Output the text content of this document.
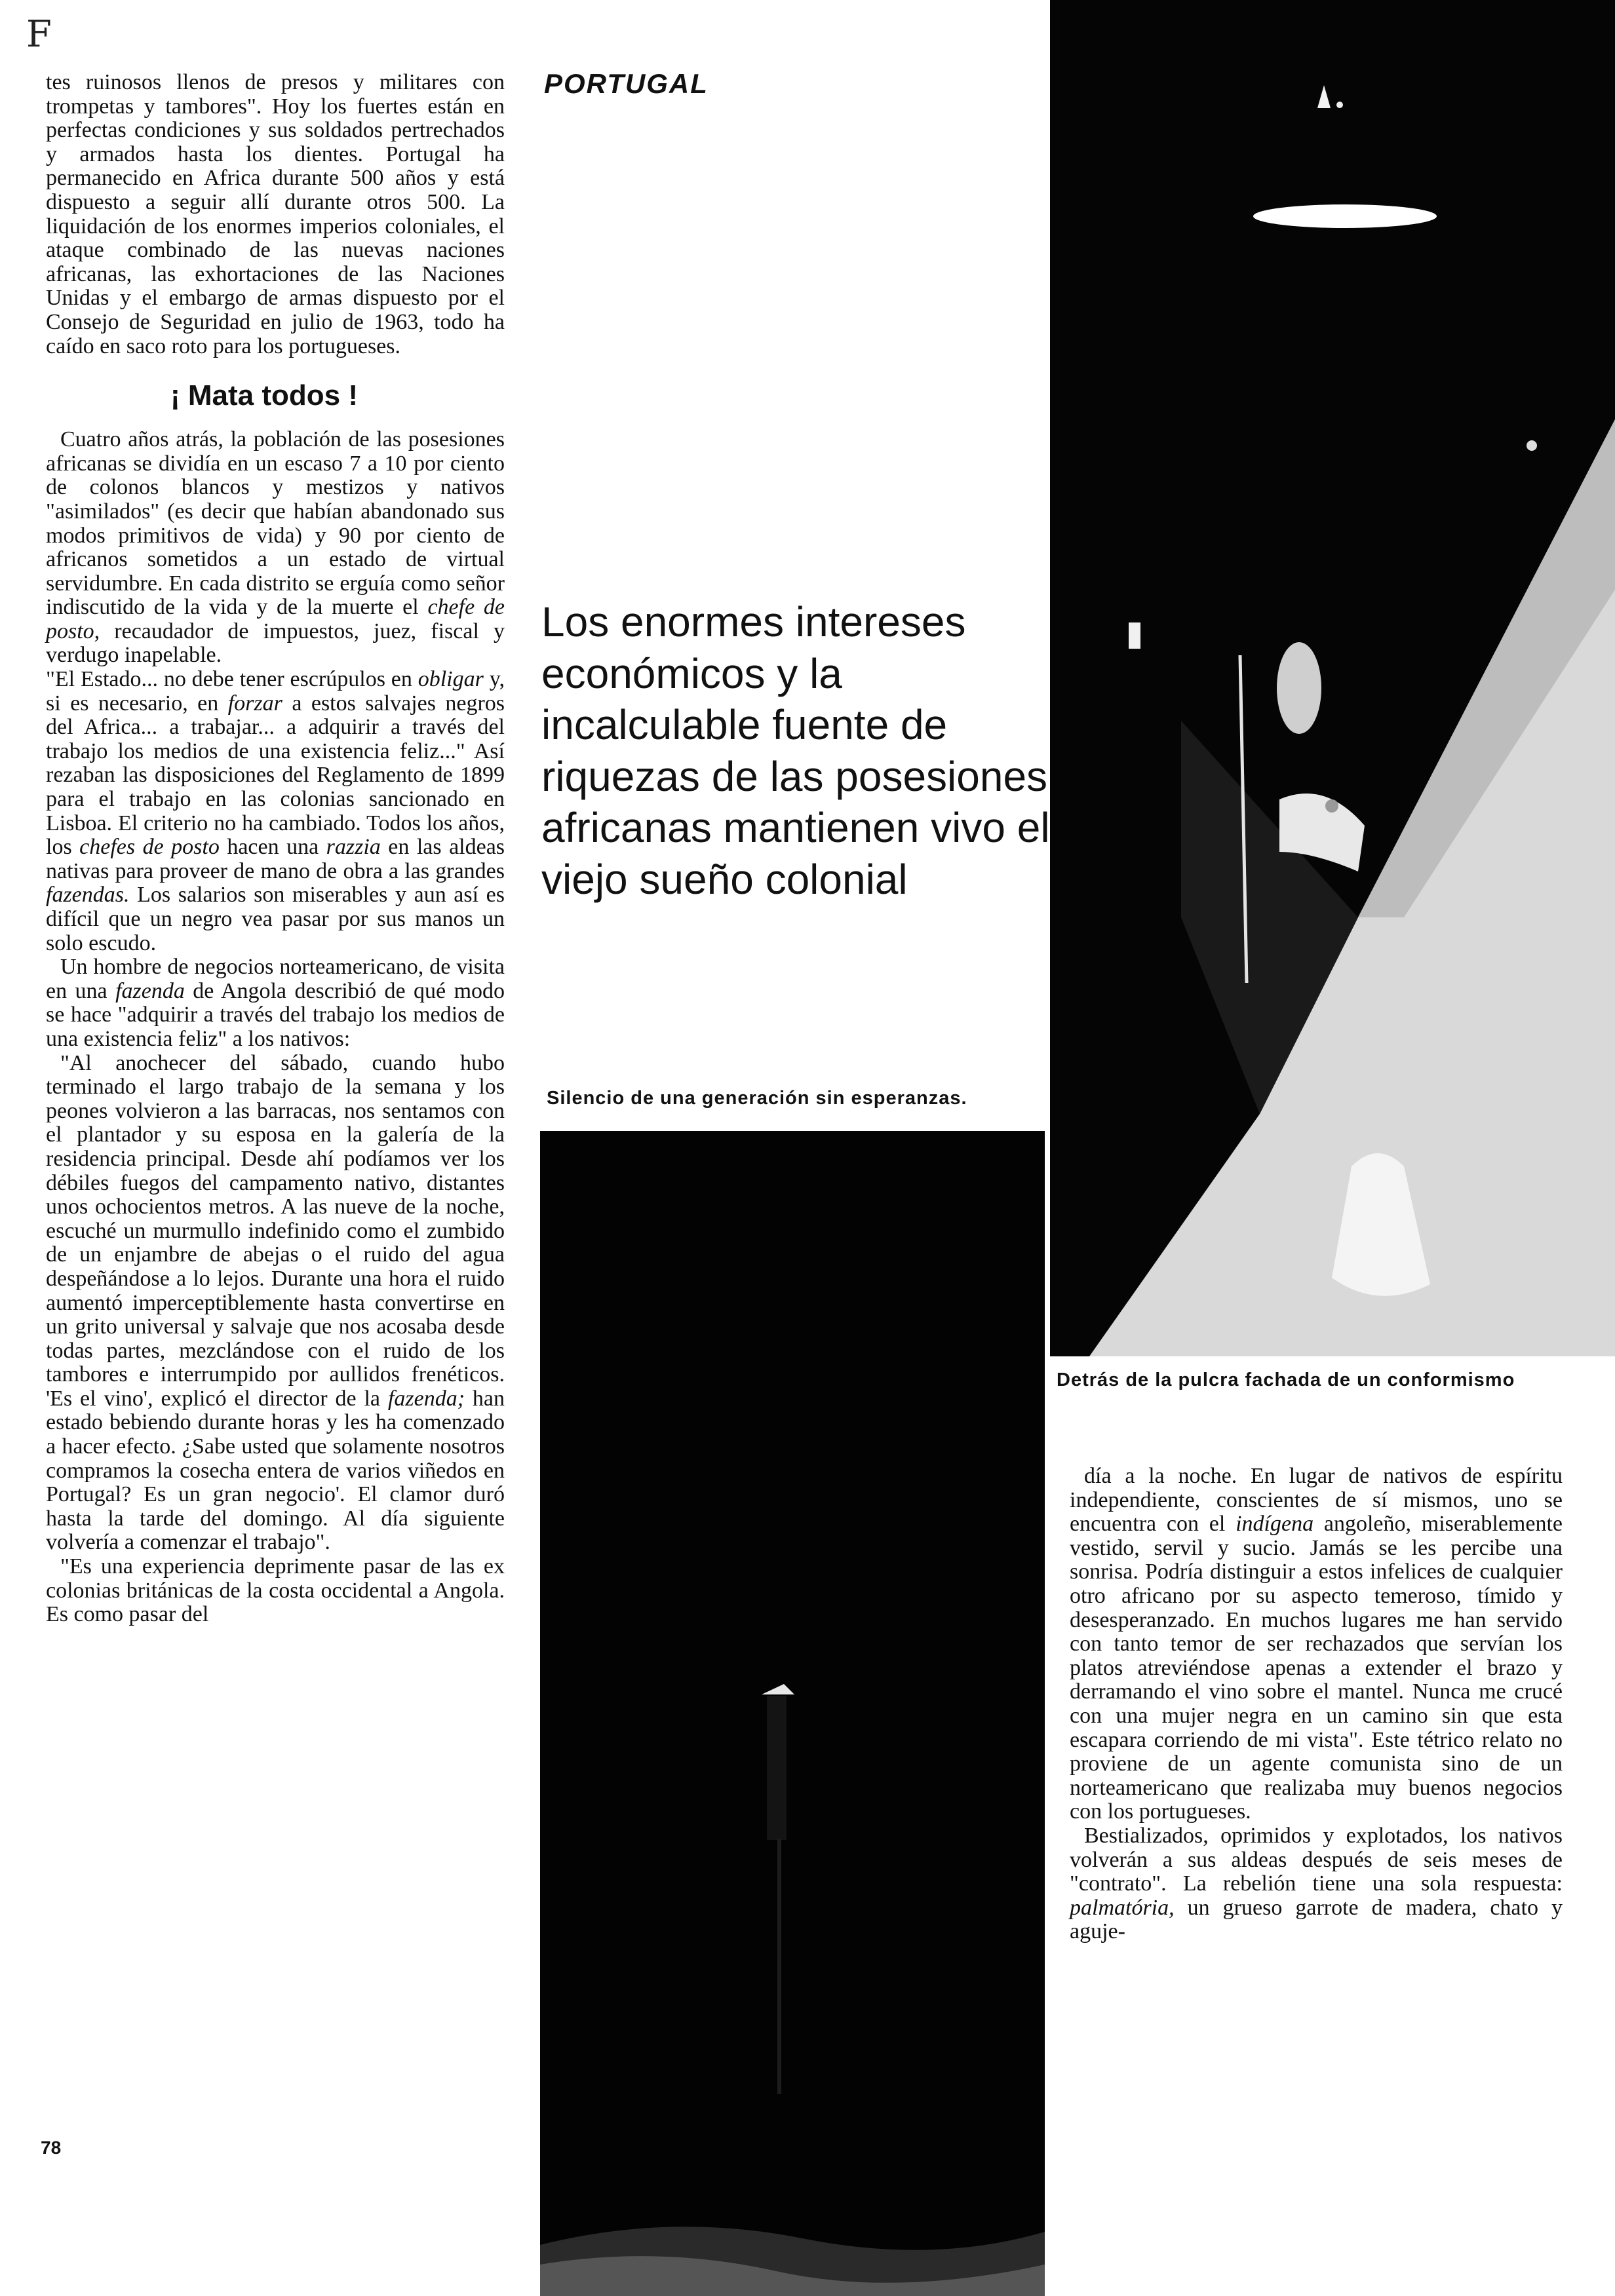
F

tes ruinosos llenos de presos y militares con trompetas y tambores". Hoy los fuertes están en perfectas condiciones y sus soldados pertrechados y armados hasta los dientes. Portugal ha permanecido en Africa durante 500 años y está dispuesto a seguir allí durante otros 500. La liquidación de los enormes imperios coloniales, el ataque combinado de las nuevas naciones africanas, las exhortaciones de las Naciones Unidas y el embargo de armas dispuesto por el Consejo de Seguridad en julio de 1963, todo ha caído en saco roto para los portugueses.

¡ Mata todos !

Cuatro años atrás, la población de las posesiones africanas se dividía en un escaso 7 a 10 por ciento de colonos blancos y mestizos y nativos "asimilados" (es decir que habían abandonado sus modos primitivos de vida) y 90 por ciento de africanos sometidos a un estado de virtual servidumbre. En cada distrito se erguía como señor indiscutido de la vida y de la muerte el chefe de posto, recaudador de impuestos, juez, fiscal y verdugo inapelable.

"El Estado... no debe tener escrúpulos en obligar y, si es necesario, en forzar a estos salvajes negros del Africa... a trabajar... a adquirir a través del trabajo los medios de una existencia feliz..." Así rezaban las disposiciones del Reglamento de 1899 para el trabajo en las colonias sancionado en Lisboa. El criterio no ha cambiado. Todos los años, los chefes de posto hacen una razzia en las aldeas nativas para proveer de mano de obra a las grandes fazendas. Los salarios son miserables y aun así es difícil que un negro vea pasar por sus manos un solo escudo.

Un hombre de negocios norteamericano, de visita en una fazenda de Angola describió de qué modo se hace "adquirir a través del trabajo los medios de una existencia feliz" a los nativos:

"Al anochecer del sábado, cuando hubo terminado el largo trabajo de la semana y los peones volvieron a las barracas, nos sentamos con el plantador y su esposa en la galería de la residencia principal. Desde ahí podíamos ver los débiles fuegos del campamento nativo, distantes unos ochocientos metros. A las nueve de la noche, escuché un murmullo indefinido como el zumbido de un enjambre de abejas o el ruido del agua despeñándose a lo lejos. Durante una hora el ruido aumentó imperceptiblemente hasta convertirse en un grito universal y salvaje que nos acosaba desde todas partes, mezclándose con el ruido de los tambores e interrumpido por aullidos frenéticos. 'Es el vino', explicó el director de la fazenda; han estado bebiendo durante horas y les ha comenzado a hacer efecto. ¿Sabe usted que solamente nosotros compramos la cosecha entera de varios viñedos en Portugal? Es un gran negocio'. El clamor duró hasta la tarde del domingo. Al día siguiente volvería a comenzar el trabajo".

"Es una experiencia deprimente pasar de las ex colonias británicas de la costa occidental a Angola. Es como pasar del

PORTUGAL
Los enormes intereses económicos y la incalculable fuente de riquezas de las posesiones africanas mantienen vivo el viejo sueño colonial
Silencio de una generación sin esperanzas.
Detrás de la pulcra fachada de un conformismo

día a la noche. En lugar de nativos de espíritu independiente, conscientes de sí mismos, uno se encuentra con el indígena angoleño, miserablemente vestido, servil y sucio. Jamás se les percibe una sonrisa. Podría distinguir a estos infelices de cualquier otro africano por su aspecto temeroso, tímido y desesperanzado. En muchos lugares me han servido con tanto temor de ser rechazados que servían los platos atreviéndose apenas a extender el brazo y derramando el vino sobre el mantel. Nunca me crucé con una mujer negra en un camino sin que esta escapara corriendo de mi vista". Este tétrico relato no proviene de un agente comunista sino de un norteamericano que realizaba muy buenos negocios con los portugueses.

Bestializados, oprimidos y explotados, los nativos volverán a sus aldeas después de seis meses de "contrato". La rebelión tiene una sola respuesta: palmatória, un grueso garrote de madera, chato y aguje-

78
